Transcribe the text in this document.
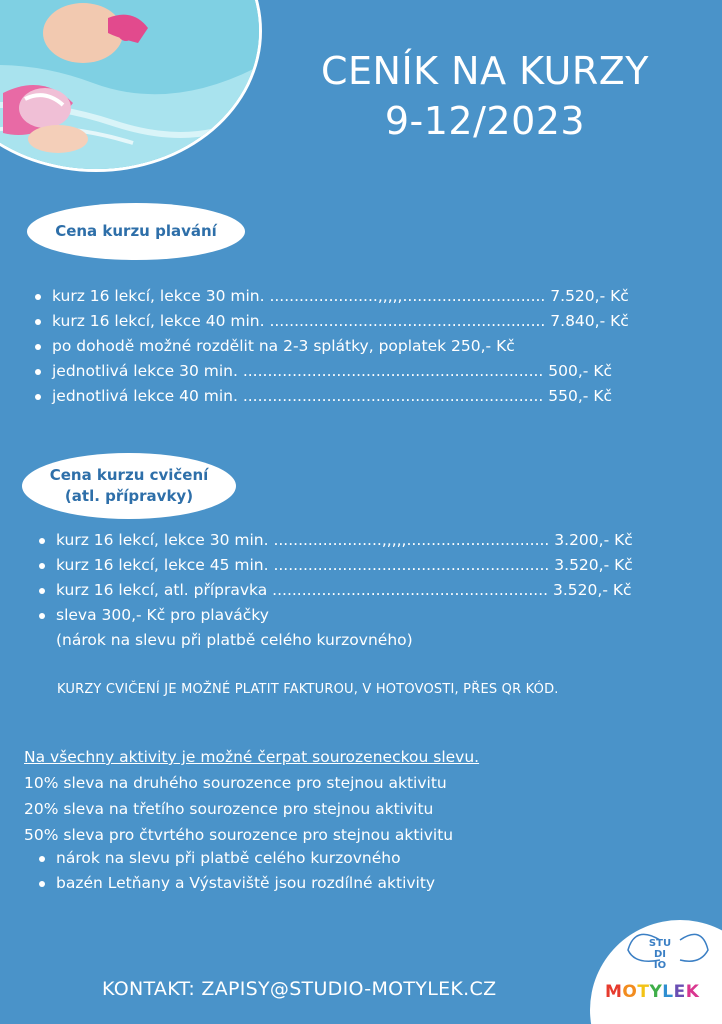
CENÍK NA KURZY
9-12/2023
Cena kurzu plavání
kurz 16 lekcí, lekce 30 min. ......................,,,,,............................. 7.520,- Kč
kurz 16 lekcí, lekce 40 min. ........................................................ 7.840,- Kč
po dohodě možné rozdělit na 2-3 splátky, poplatek 250,- Kč
jednotlivá lekce 30 min. ............................................................. 500,- Kč
jednotlivá lekce 40 min. ............................................................. 550,- Kč
Cena kurzu cvičení
(atl. přípravky)
kurz 16 lekcí, lekce 30 min. ......................,,,,,............................. 3.200,- Kč
kurz 16 lekcí, lekce 45 min. ........................................................ 3.520,- Kč
kurz 16 lekcí, atl. přípravka ........................................................ 3.520,- Kč
sleva 300,- Kč pro plaváčky
(nárok na slevu při platbě celého kurzovného)
KURZY CVIČENÍ JE MOŽNÉ PLATIT FAKTUROU, V HOTOVOSTI, PŘES QR KÓD.
Na všechny aktivity je možné čerpat sourozeneckou slevu.
10% sleva na druhého sourozence pro stejnou aktivitu
20% sleva na třetího sourozence pro stejnou aktivitu
50% sleva pro čtvrtého sourozence pro stejnou aktivitu
nárok na slevu při platbě celého kurzovného
bazén Letňany a Výstaviště jsou rozdílné aktivity
KONTAKT: ZAPISY@STUDIO-MOTYLEK.CZ
STU
DI
IO
MOTYLEK
